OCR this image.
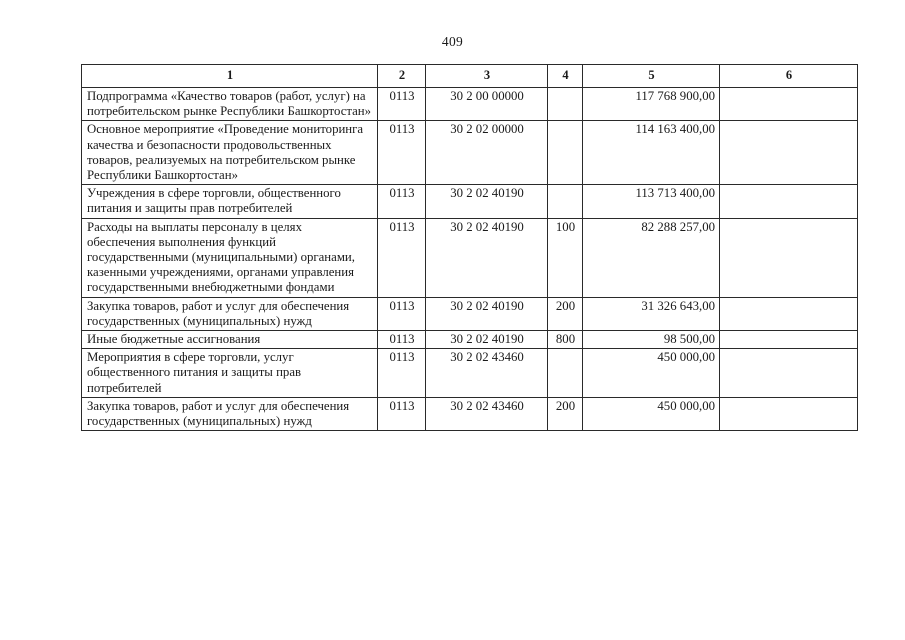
409
1	2	3	4	5	6
Подпрограмма «Качество товаров (работ, услуг) на потребительском рынке Республики Башкортостан»	0113	30 2 00 00000		117 768 900,00	
Основное мероприятие «Проведение мониторинга качества и безопасности продовольственных товаров, реализуемых на потребительском рынке Республики Башкортостан»	0113	30 2 02 00000		114 163 400,00	
Учреждения в сфере торговли, общественного питания и защиты прав потребителей	0113	30 2 02 40190		113 713 400,00	
Расходы на выплаты персоналу в целях обеспечения выполнения функций государственными (муниципальными) органами, казенными учреждениями, органами управления государственными внебюджетными фондами	0113	30 2 02 40190	100	82 288 257,00	
Закупка товаров, работ и услуг для обеспечения государственных (муниципальных) нужд	0113	30 2 02 40190	200	31 326 643,00	
Иные бюджетные ассигнования	0113	30 2 02 40190	800	98 500,00	
Мероприятия в сфере торговли, услуг общественного питания и защиты прав потребителей	0113	30 2 02 43460		450 000,00	
Закупка товаров, работ и услуг для обеспечения государственных (муниципальных) нужд	0113	30 2 02 43460	200	450 000,00	
